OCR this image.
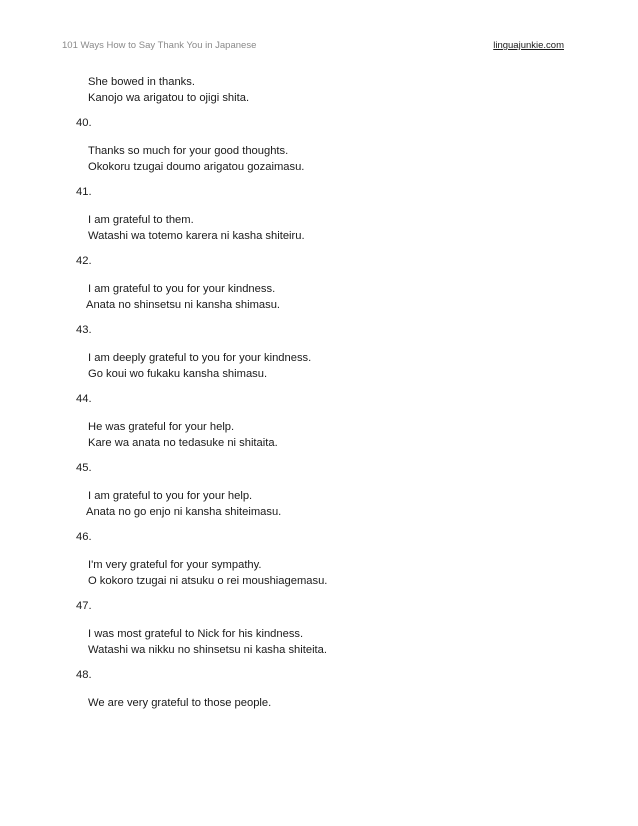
101 Ways How to Say Thank You in Japanese	linguajunkie.com
She bowed in thanks.
Kanojo wa arigatou to ojigi shita.
40.
Thanks so much for your good thoughts.
Okokoru tzugai doumo arigatou gozaimasu.
41.
I am grateful to them.
Watashi wa totemo karera ni kasha shiteiru.
42.
I am grateful to you for your kindness.
Anata no shinsetsu ni kansha shimasu.
43.
I am deeply grateful to you for your kindness.
Go koui wo fukaku kansha shimasu.
44.
He was grateful for your help.
Kare wa anata no tedasuke ni shitaita.
45.
I am grateful to you for your help.
Anata no go enjo ni kansha shiteimasu.
46.
I'm very grateful for your sympathy.
O kokoro tzugai ni atsuku o rei moushiagemasu.
47.
I was most grateful to Nick for his kindness.
Watashi wa nikku no shinsetsu ni kasha shiteita.
48.
We are very grateful to those people.
